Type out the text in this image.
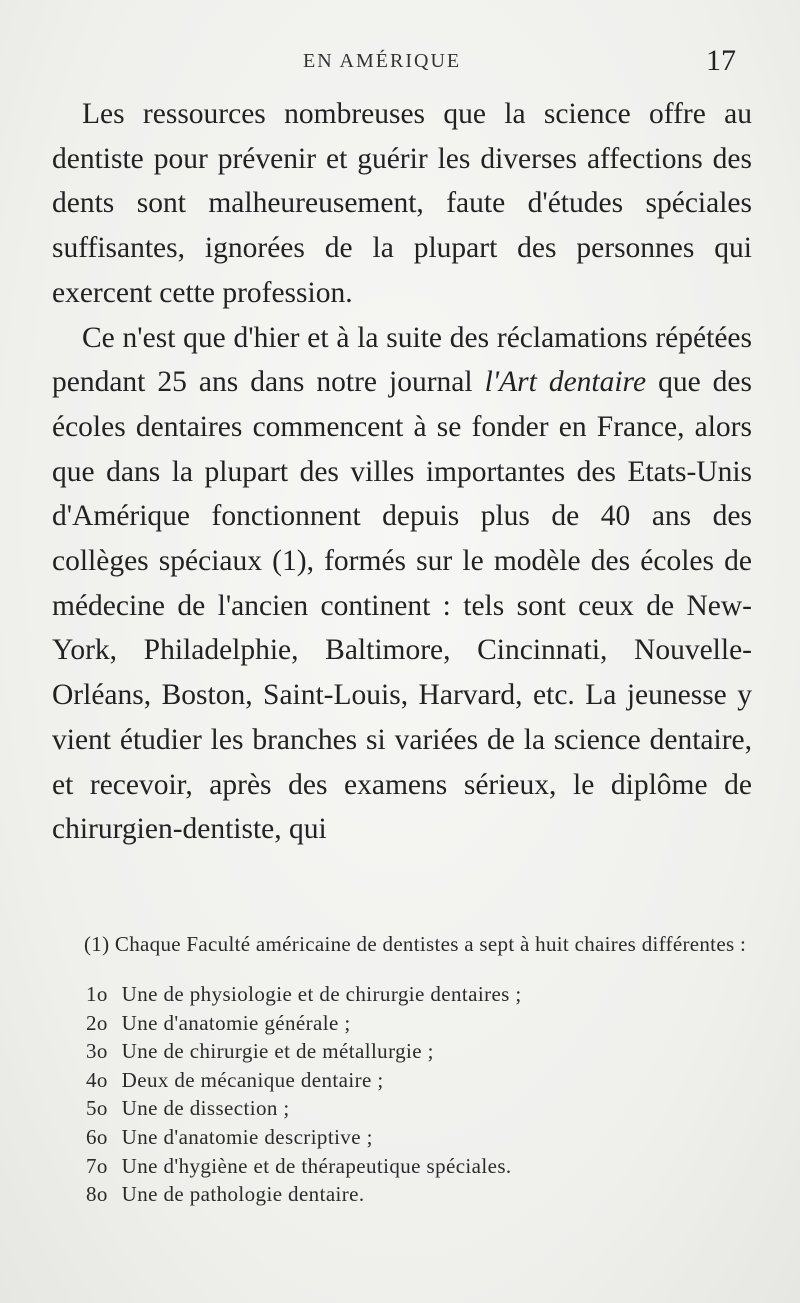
EN AMÉRIQUE	17

Les ressources nombreuses que la science offre au dentiste pour prévenir et guérir les diverses affections des dents sont malheureusement, faute d'études spéciales suffisantes, ignorées de la plupart des personnes qui exercent cette profession.

Ce n'est que d'hier et à la suite des réclamations répétées pendant 25 ans dans notre journal l'Art dentaire que des écoles dentaires commencent à se fonder en France, alors que dans la plupart des villes importantes des Etats-Unis d'Amérique fonctionnent depuis plus de 40 ans des collèges spéciaux (1), formés sur le modèle des écoles de médecine de l'ancien continent : tels sont ceux de New-York, Philadelphie, Baltimore, Cincinnati, Nouvelle-Orléans, Boston, Saint-Louis, Harvard, etc. La jeunesse y vient étudier les branches si variées de la science dentaire, et recevoir, après des examens sérieux, le diplôme de chirurgien-dentiste, qui

(1) Chaque Faculté américaine de dentistes a sept à huit chaires différentes :

1o Une de physiologie et de chirurgie dentaires ;
2o Une d'anatomie générale ;
3o Une de chirurgie et de métallurgie ;
4o Deux de mécanique dentaire ;
5o Une de dissection ;
6o Une d'anatomie descriptive ;
7o Une d'hygiène et de thérapeutique spéciales.
8o Une de pathologie dentaire.
